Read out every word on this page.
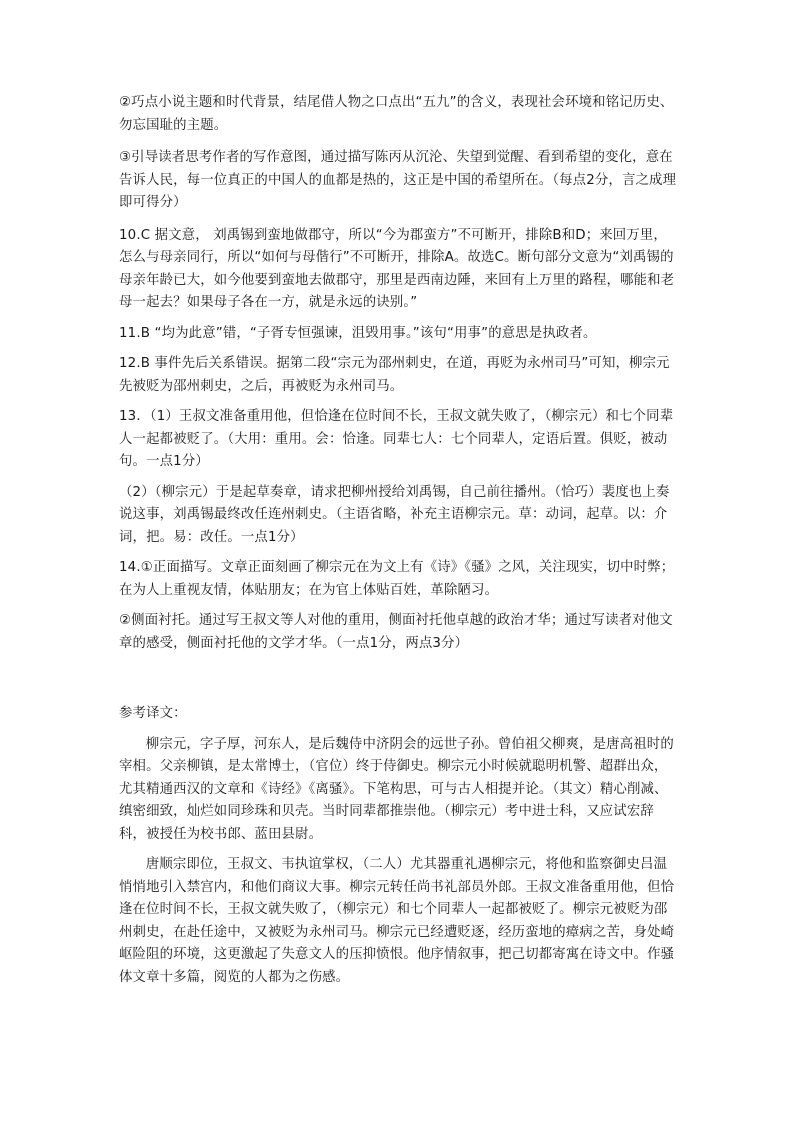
②巧点小说主题和时代背景，结尾借人物之口点出“五九”的含义，表现社会环境和铭记历史、勿忘国耻的主题。

③引导读者思考作者的写作意图，通过描写陈丙从沉沦、失望到觉醒、看到希望的变化，意在告诉人民，每一位真正的中国人的血都是热的，这正是中国的希望所在。（每点2分，言之成理即可得分）

10.C 据文意， 刘禹锡到蛮地做郡守，所以“今为郡蛮方”不可断开，排除B和D；来回万里，怎么与母亲同行，所以“如何与母偕行”不可断开，排除A。故选C。断句部分文意为“刘禹锡的母亲年龄已大，如今他要到蛮地去做郡守，那里是西南边陲，来回有上万里的路程，哪能和老母一起去？如果母子各在一方，就是永远的诀别。”

11.B “均为此意”错，“子胥专恒强谏，沮毁用事。”该句“用事”的意思是执政者。

12.B 事件先后关系错误。据第二段“宗元为邵州刺史，在道，再贬为永州司马”可知，柳宗元先被贬为邵州刺史，之后，再被贬为永州司马。

13．（1）王叔文准备重用他，但恰逢在位时间不长，王叔文就失败了，（柳宗元）和七个同辈人一起都被贬了。（大用：重用。会：恰逢。同辈七人：七个同辈人，定语后置。俱贬，被动句。一点1分）

（2）（柳宗元）于是起草奏章，请求把柳州授给刘禹锡，自己前往播州。（恰巧）裴度也上奏说这事，刘禹锡最终改任连州刺史。（主语省略，补充主语柳宗元。草：动词，起草。以：介词，把。易：改任。一点1分）

14.①正面描写。文章正面刻画了柳宗元在为文上有《诗》《骚》之风，关注现实，切中时弊；在为人上重视友情，体贴朋友；在为官上体贴百姓，革除陋习。

②侧面衬托。通过写王叔文等人对他的重用，侧面衬托他卓越的政治才华；通过写读者对他文章的感受，侧面衬托他的文学才华。（一点1分，两点3分）

参考译文：

柳宗元，字子厚，河东人，是后魏侍中济阴会的远世子孙。曾伯祖父柳爽，是唐高祖时的宰相。父亲柳镇，是太常博士，（官位）终于侍御史。柳宗元小时候就聪明机警、超群出众，尤其精通西汉的文章和《诗经》《离骚》。下笔构思，可与古人相提并论。（其文）精心削减、缜密细致，灿烂如同珍珠和贝壳。当时同辈都推崇他。（柳宗元）考中进士科，又应试宏辞科，被授任为校书郎、蓝田县尉。

唐顺宗即位，王叔文、韦执谊掌权，（二人）尤其器重礼遇柳宗元，将他和监察御史吕温悄悄地引入禁宫内，和他们商议大事。柳宗元转任尚书礼部员外郎。王叔文准备重用他，但恰逢在位时间不长，王叔文就失败了，（柳宗元）和七个同辈人一起都被贬了。柳宗元被贬为邵州刺史，在赴任途中，又被贬为永州司马。柳宗元已经遭贬逐，经历蛮地的瘴病之苦，身处崎岖险阻的环境，这更激起了失意文人的压抑愤恨。他序情叙事，把己切都寄寓在诗文中。作骚体文章十多篇，阅览的人都为之伤感。
